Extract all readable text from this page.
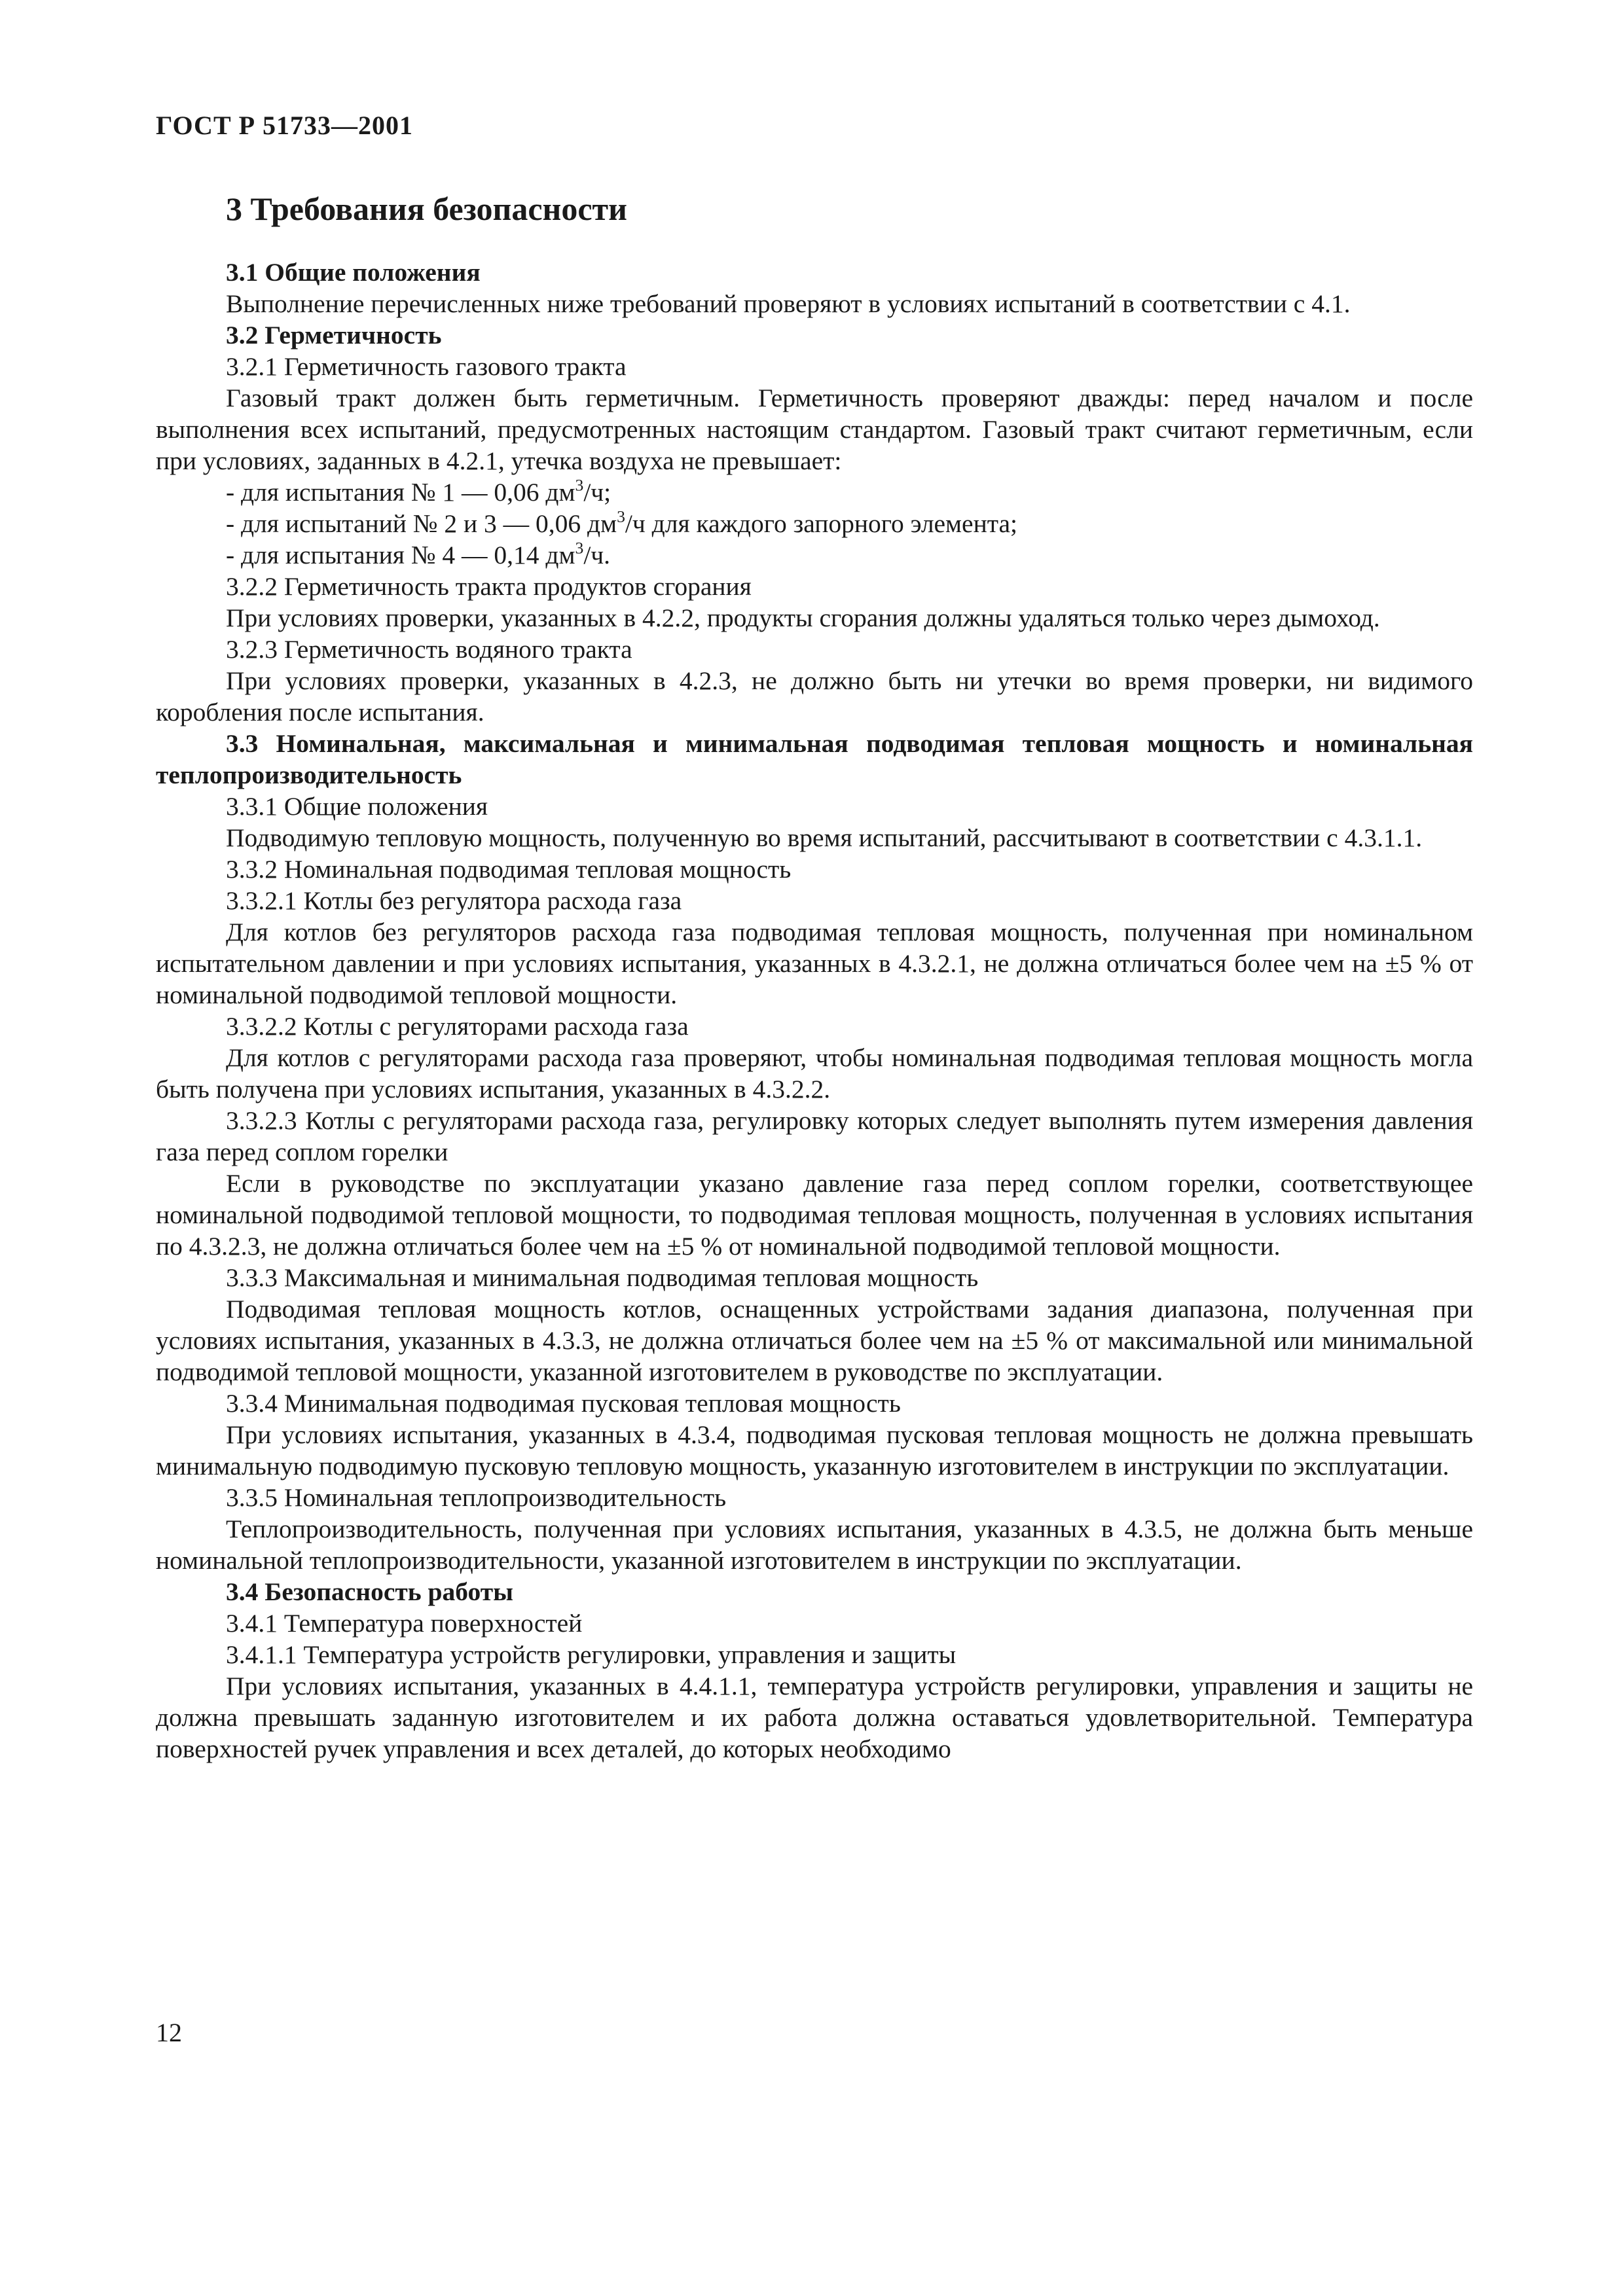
ГОСТ Р 51733—2001
3 Требования безопасности

3.1 Общие положения

Выполнение перечисленных ниже требований проверяют в условиях испытаний в соответствии с 4.1.

3.2 Герметичность

3.2.1 Герметичность газового тракта

Газовый тракт должен быть герметичным. Герметичность проверяют дважды: перед началом и после выполнения всех испытаний, предусмотренных настоящим стандартом. Газовый тракт считают герметичным, если при условиях, заданных в 4.2.1, утечка воздуха не превышает:

- для испытания № 1 — 0,06 $дм^3/ч$;

- для испытаний № 2 и 3 — 0,06 $дм^3/ч$ для каждого запорного элемента;

- для испытания № 4 — 0,14 $дм^3/ч$.

3.2.2 Герметичность тракта продуктов сгорания

При условиях проверки, указанных в 4.2.2, продукты сгорания должны удаляться только через дымоход.

3.2.3 Герметичность водяного тракта

При условиях проверки, указанных в 4.2.3, не должно быть ни утечки во время проверки, ни видимого коробления после испытания.

3.3 Номинальная, максимальная и минимальная подводимая тепловая мощность и номинальная теплопроизводительность

3.3.1 Общие положения

Подводимую тепловую мощность, полученную во время испытаний, рассчитывают в соответствии с 4.3.1.1.

3.3.2 Номинальная подводимая тепловая мощность

3.3.2.1 Котлы без регулятора расхода газа

Для котлов без регуляторов расхода газа подводимая тепловая мощность, полученная при номинальном испытательном давлении и при условиях испытания, указанных в 4.3.2.1, не должна отличаться более чем на ±5 % от номинальной подводимой тепловой мощности.

3.3.2.2 Котлы с регуляторами расхода газа

Для котлов с регуляторами расхода газа проверяют, чтобы номинальная подводимая тепловая мощность могла быть получена при условиях испытания, указанных в 4.3.2.2.

3.3.2.3 Котлы с регуляторами расхода газа, регулировку которых следует выполнять путем измерения давления газа перед соплом горелки

Если в руководстве по эксплуатации указано давление газа перед соплом горелки, соответствующее номинальной подводимой тепловой мощности, то подводимая тепловая мощность, полученная в условиях испытания по 4.3.2.3, не должна отличаться более чем на ±5 % от номинальной подводимой тепловой мощности.

3.3.3 Максимальная и минимальная подводимая тепловая мощность

Подводимая тепловая мощность котлов, оснащенных устройствами задания диапазона, полученная при условиях испытания, указанных в 4.3.3, не должна отличаться более чем на ±5 % от максимальной или минимальной подводимой тепловой мощности, указанной изготовителем в руководстве по эксплуатации.

3.3.4 Минимальная подводимая пусковая тепловая мощность

При условиях испытания, указанных в 4.3.4, подводимая пусковая тепловая мощность не должна превышать минимальную подводимую пусковую тепловую мощность, указанную изготовителем в инструкции по эксплуатации.

3.3.5 Номинальная теплопроизводительность

Теплопроизводительность, полученная при условиях испытания, указанных в 4.3.5, не должна быть меньше номинальной теплопроизводительности, указанной изготовителем в инструкции по эксплуатации.

3.4 Безопасность работы

3.4.1 Температура поверхностей

3.4.1.1 Температура устройств регулировки, управления и защиты

При условиях испытания, указанных в 4.4.1.1, температура устройств регулировки, управления и защиты не должна превышать заданную изготовителем и их работа должна оставаться удовлетворительной. Температура поверхностей ручек управления и всех деталей, до которых необходимо

12
